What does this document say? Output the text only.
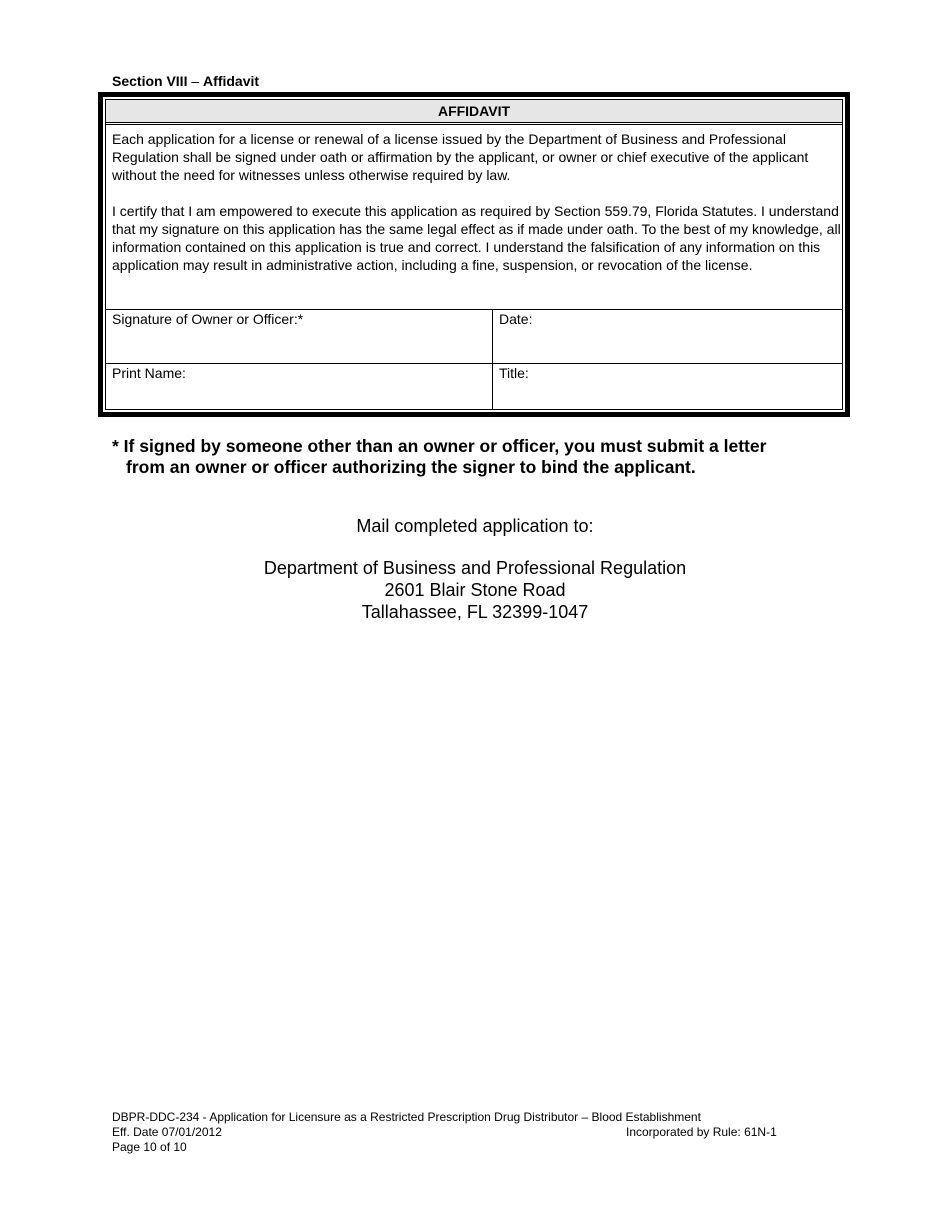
Section VIII – Affidavit
AFFIDAVIT
Each application for a license or renewal of a license issued by the Department of Business and Professional Regulation shall be signed under oath or affirmation by the applicant, or owner or chief executive of the applicant without the need for witnesses unless otherwise required by law.
I certify that I am empowered to execute this application as required by Section 559.79, Florida Statutes. I understand that my signature on this application has the same legal effect as if made under oath. To the best of my knowledge, all information contained on this application is true and correct. I understand the falsification of any information on this application may result in administrative action, including a fine, suspension, or revocation of the license.
Signature of Owner or Officer:*	Date:
Print Name:	Title:
* If signed by someone other than an owner or officer, you must submit a letter
from an owner or officer authorizing the signer to bind the applicant.
Mail completed application to:
Department of Business and Professional Regulation
2601 Blair Stone Road
Tallahassee, FL 32399-1047
DBPR-DDC-234 - Application for Licensure as a Restricted Prescription Drug Distributor – Blood Establishment
Eff. Date 07/01/2012	Incorporated by Rule: 61N-1
Page 10 of 10
